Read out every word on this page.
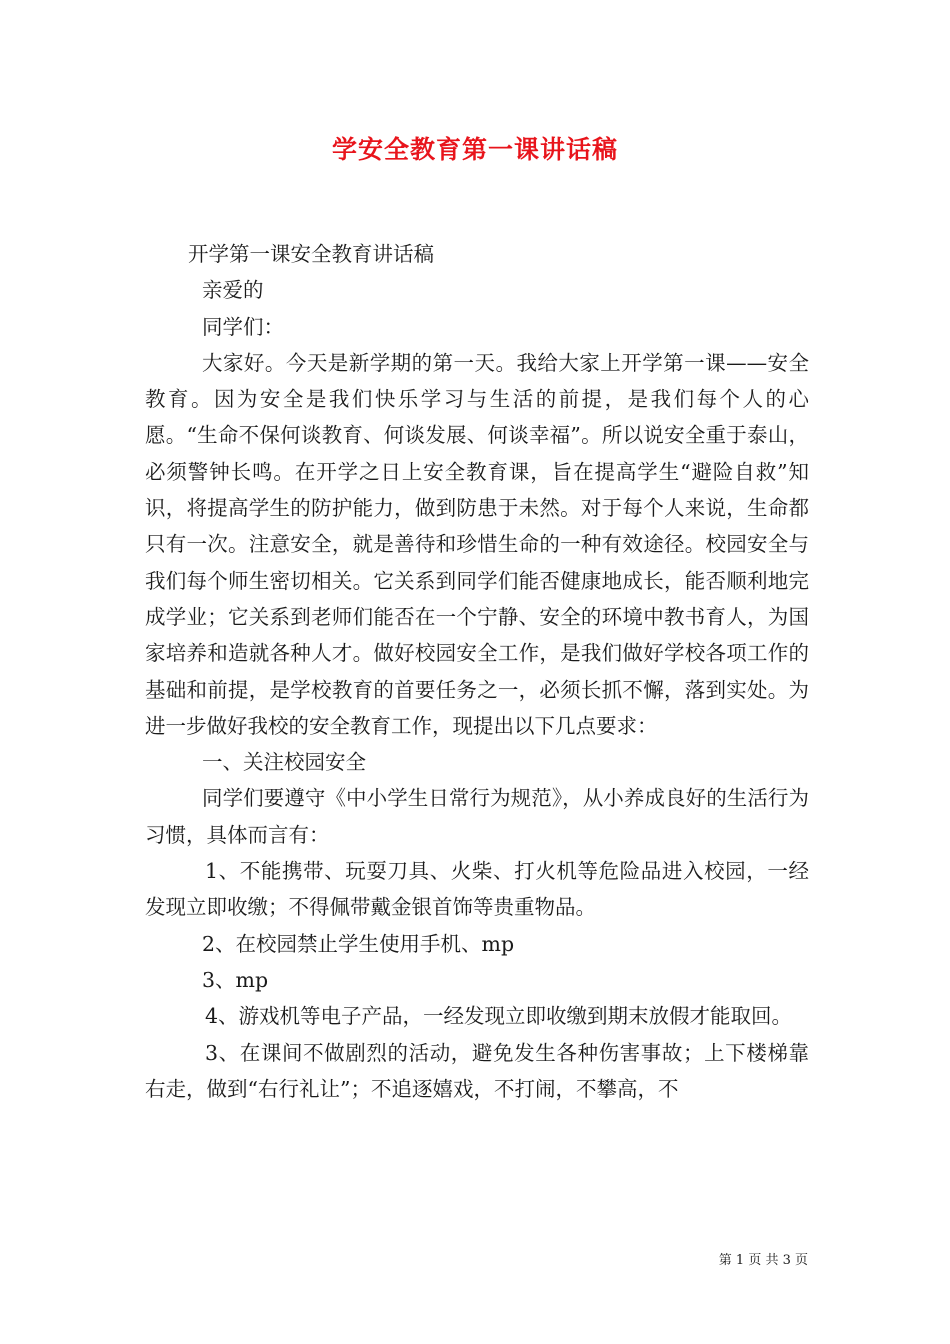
学安全教育第一课讲话稿

开学第一课安全教育讲话稿

亲爱的

同学们：

大家好。今天是新学期的第一天。我给大家上开学第一课——安全教育。因为安全是我们快乐学习与生活的前提，是我们每个人的心愿。“生命不保何谈教育、何谈发展、何谈幸福”。所以说安全重于泰山，必须警钟长鸣。在开学之日上安全教育课，旨在提高学生“避险自救”知识，将提高学生的防护能力，做到防患于未然。对于每个人来说，生命都只有一次。注意安全，就是善待和珍惜生命的一种有效途径。校园安全与我们每个师生密切相关。它关系到同学们能否健康地成长，能否顺利地完成学业；它关系到老师们能否在一个宁静、安全的环境中教书育人，为国家培养和造就各种人才。做好校园安全工作，是我们做好学校各项工作的基础和前提，是学校教育的首要任务之一，必须长抓不懈，落到实处。为进一步做好我校的安全教育工作，现提出以下几点要求：

一、关注校园安全

同学们要遵守《中小学生日常行为规范》，从小养成良好的生活行为习惯，具体而言有：

1、不能携带、玩耍刀具、火柴、打火机等危险品进入校园，一经发现立即收缴；不得佩带戴金银首饰等贵重物品。

2、在校园禁止学生使用手机、mp

3、mp

4、游戏机等电子产品，一经发现立即收缴到期末放假才能取回。

3、在课间不做剧烈的活动，避免发生各种伤害事故；上下楼梯靠右走，做到“右行礼让”；不追逐嬉戏，不打闹，不攀高，不

第 1 页 共 3 页
